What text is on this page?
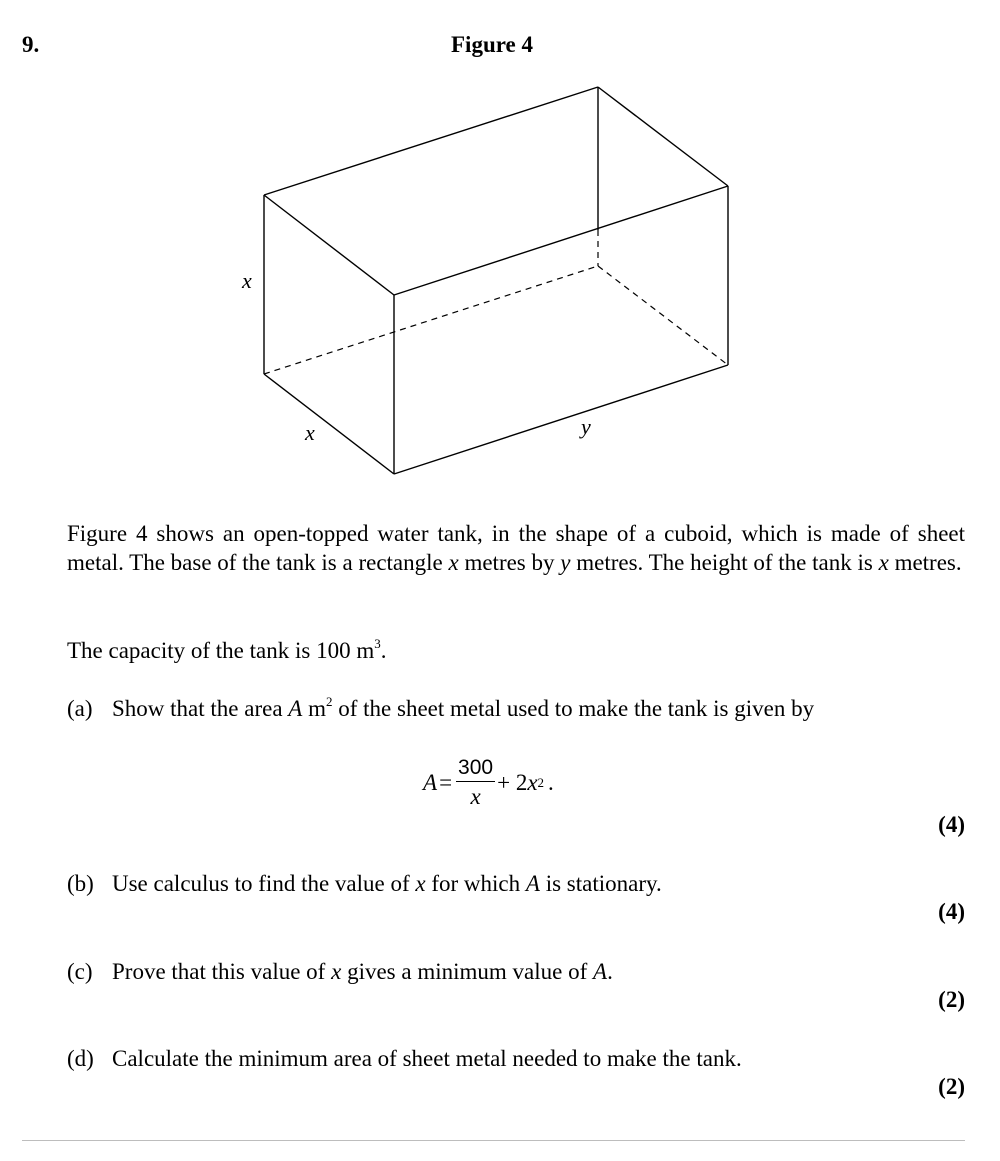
9.	Figure 4
x
x	y
Figure 4 shows an open-topped water tank, in the shape of a cuboid, which is made of sheet metal. The base of the tank is a rectangle x metres by y metres. The height of the tank is x metres.
The capacity of the tank is 100 $m^3$.
(a) Show that the area A $m^2$ of the sheet metal used to make the tank is given by
$A = \frac{300}{x} + 2$ x 2 .
(4)
(b) Use calculus to find the value of x for which A is stationary.
(4)
(c) Prove that this value of x gives a minimum value of A.
(2)
(d) Calculate the minimum area of sheet metal needed to make the tank.
(2)
